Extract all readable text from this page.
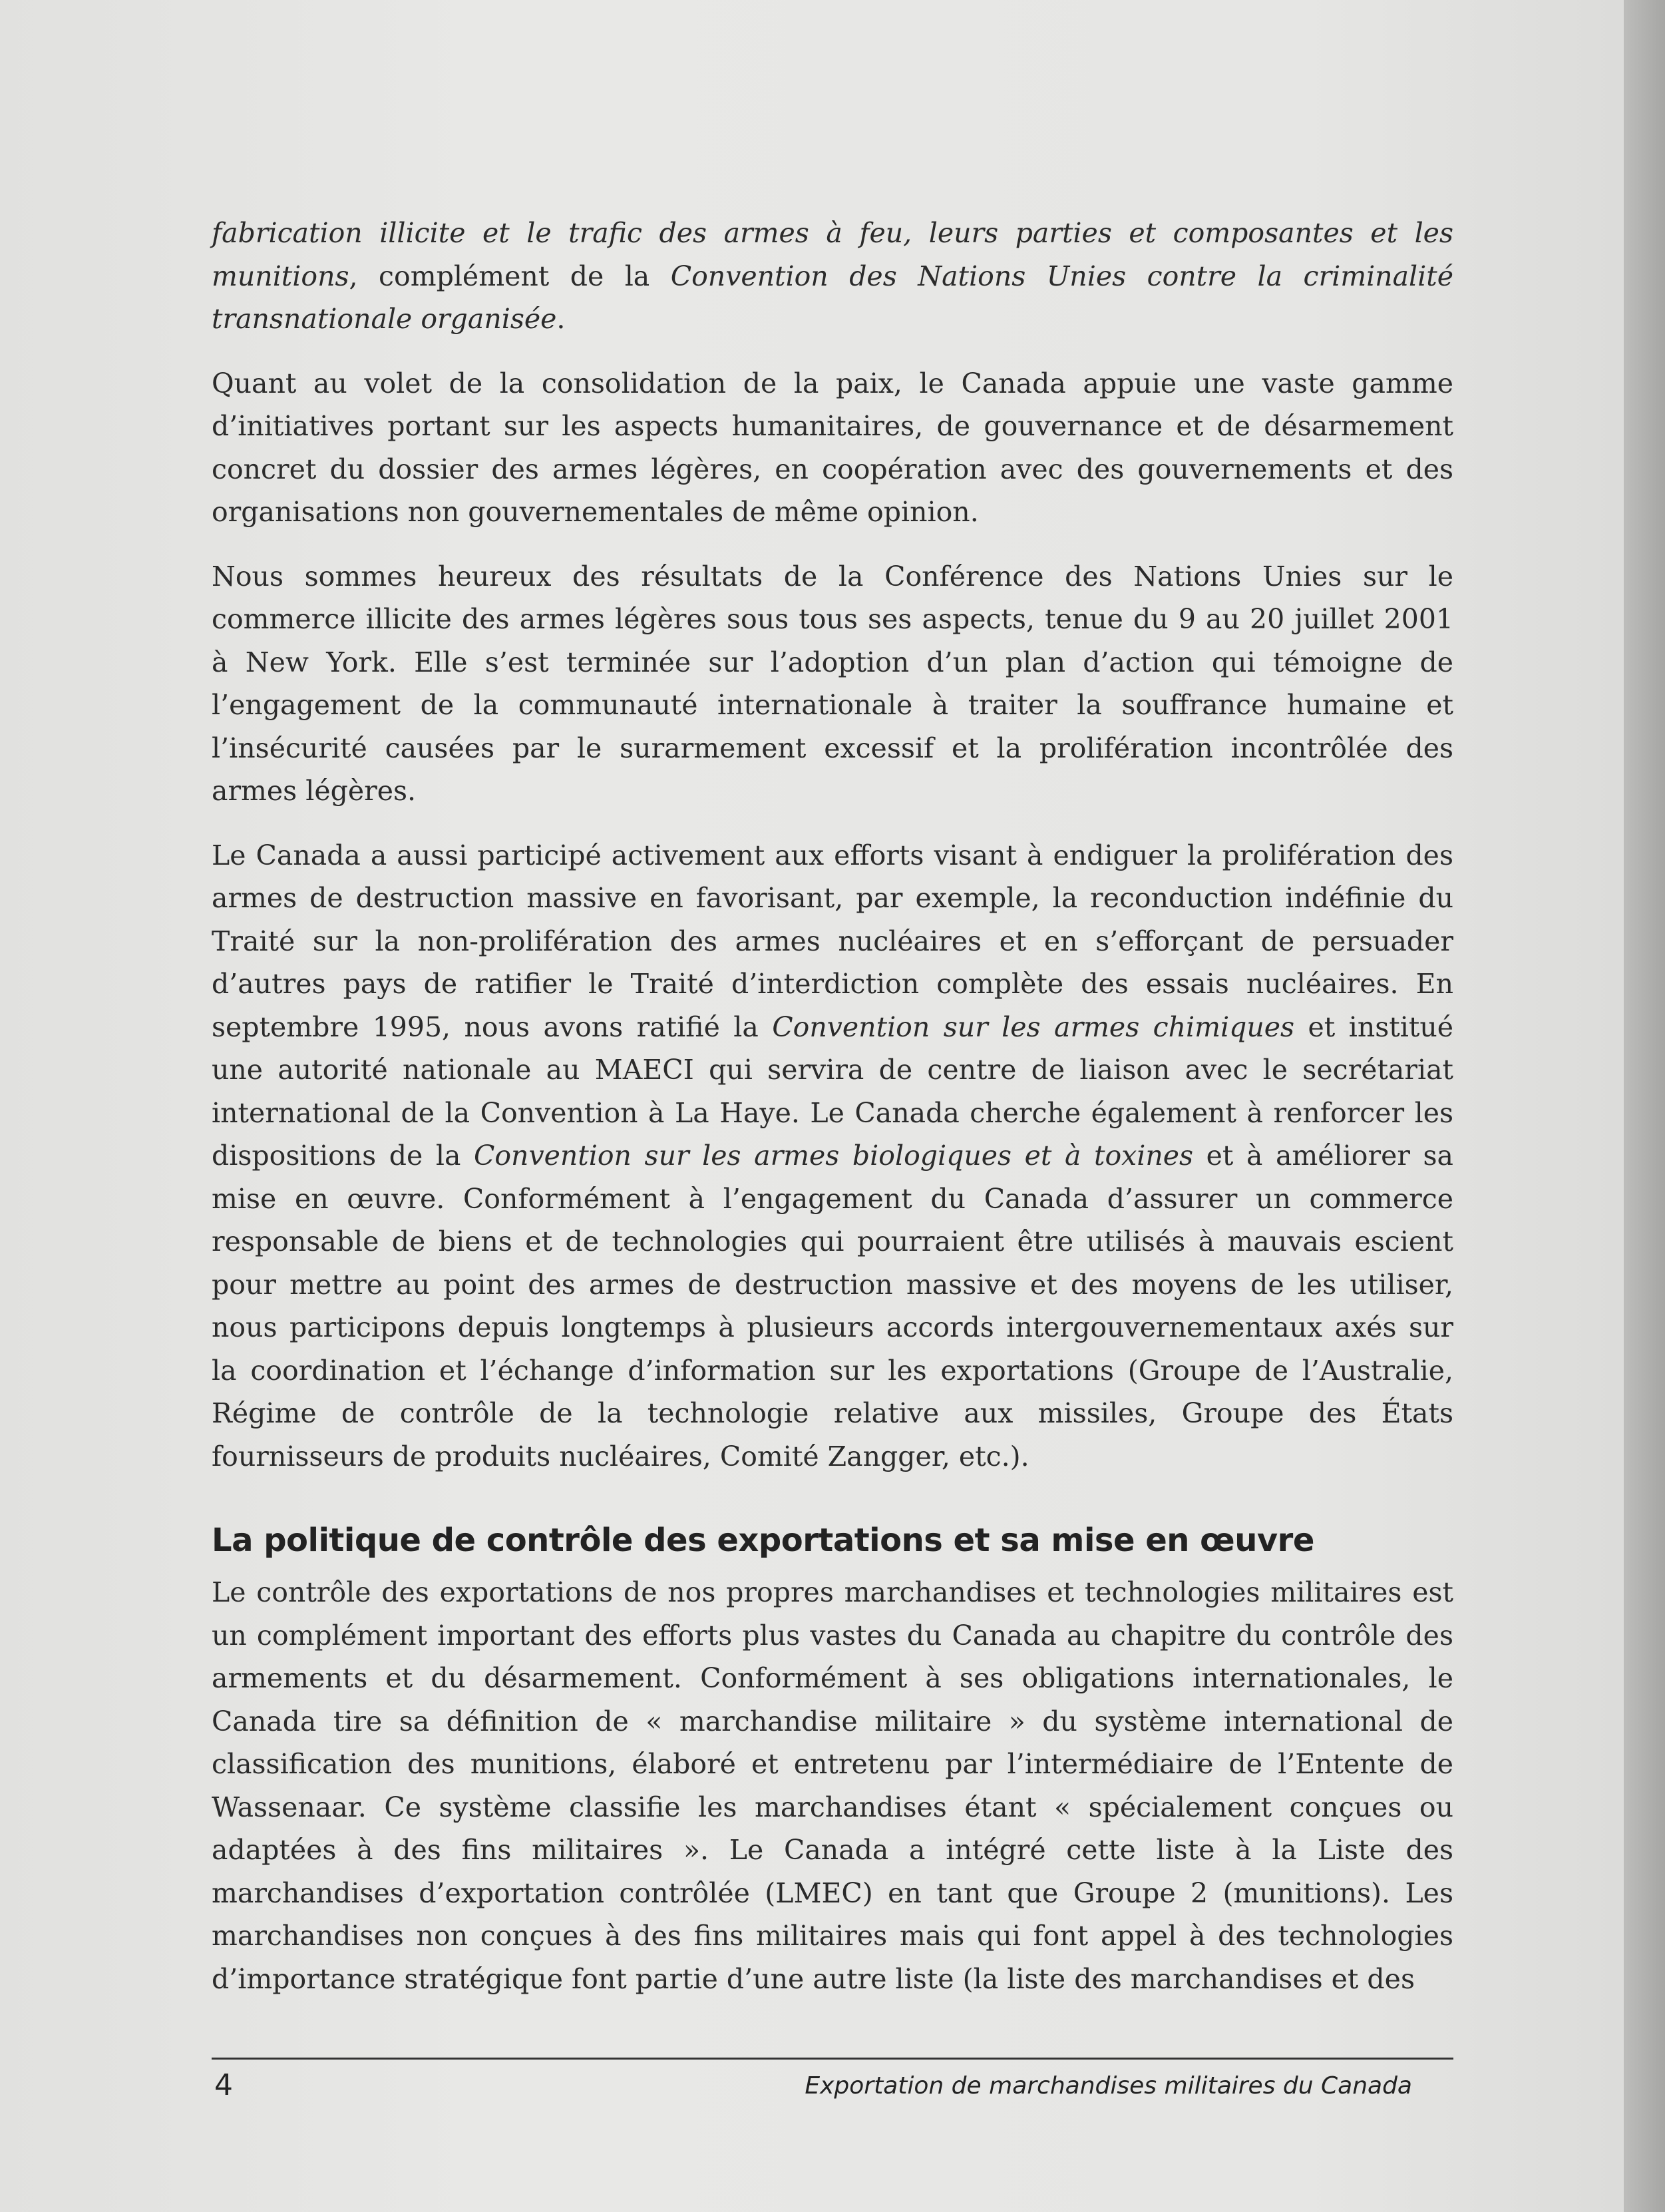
fabrication illicite et le trafic des armes à feu, leurs parties et composantes et les munitions, complément de la Convention des Nations Unies contre la criminalité transnationale organisée.

Quant au volet de la consolidation de la paix, le Canada appuie une vaste gamme d’initiatives portant sur les aspects humanitaires, de gouvernance et de désarmement concret du dossier des armes légères, en coopération avec des gouvernements et des organisations non gouvernementales de même opinion.

Nous sommes heureux des résultats de la Conférence des Nations Unies sur le commerce illicite des armes légères sous tous ses aspects, tenue du 9 au 20 juillet 2001 à New York. Elle s’est terminée sur l’adoption d’un plan d’action qui témoigne de l’engagement de la communauté internationale à traiter la souffrance humaine et l’insécurité causées par le surarmement excessif et la prolifération incontrôlée des armes légères.

Le Canada a aussi participé activement aux efforts visant à endiguer la prolifération des armes de destruction massive en favorisant, par exemple, la reconduction indéfinie du Traité sur la non-prolifération des armes nucléaires et en s’efforçant de persuader d’autres pays de ratifier le Traité d’interdiction complète des essais nucléaires. En septembre 1995, nous avons ratifié la Convention sur les armes chimiques et institué une autorité nationale au MAECI qui servira de centre de liaison avec le secrétariat international de la Convention à La Haye. Le Canada cherche également à renforcer les dispositions de la Convention sur les armes biologiques et à toxines et à améliorer sa mise en œuvre. Conformément à l’engagement du Canada d’assurer un commerce responsable de biens et de technologies qui pourraient être utilisés à mauvais escient pour mettre au point des armes de destruction massive et des moyens de les utiliser, nous participons depuis longtemps à plusieurs accords intergouvernementaux axés sur la coordination et l’échange d’information sur les exportations (Groupe de l’Australie, Régime de contrôle de la technologie relative aux missiles, Groupe des États fournisseurs de produits nucléaires, Comité Zangger, etc.).

La politique de contrôle des exportations et sa mise en œuvre

Le contrôle des exportations de nos propres marchandises et technologies militaires est un complément important des efforts plus vastes du Canada au chapitre du contrôle des armements et du désarmement. Conformément à ses obligations internationales, le Canada tire sa définition de « marchandise militaire » du système international de classification des munitions, élaboré et entretenu par l’intermédiaire de l’Entente de Wassenaar. Ce système classifie les marchandises étant « spécialement conçues ou adaptées à des fins militaires ». Le Canada a intégré cette liste à la Liste des marchandises d’exportation contrôlée (LMEC) en tant que Groupe 2 (munitions). Les marchandises non conçues à des fins militaires mais qui font appel à des technologies d’importance stratégique font partie d’une autre liste (la liste des marchandises et des

4	Exportation de marchandises militaires du Canada
